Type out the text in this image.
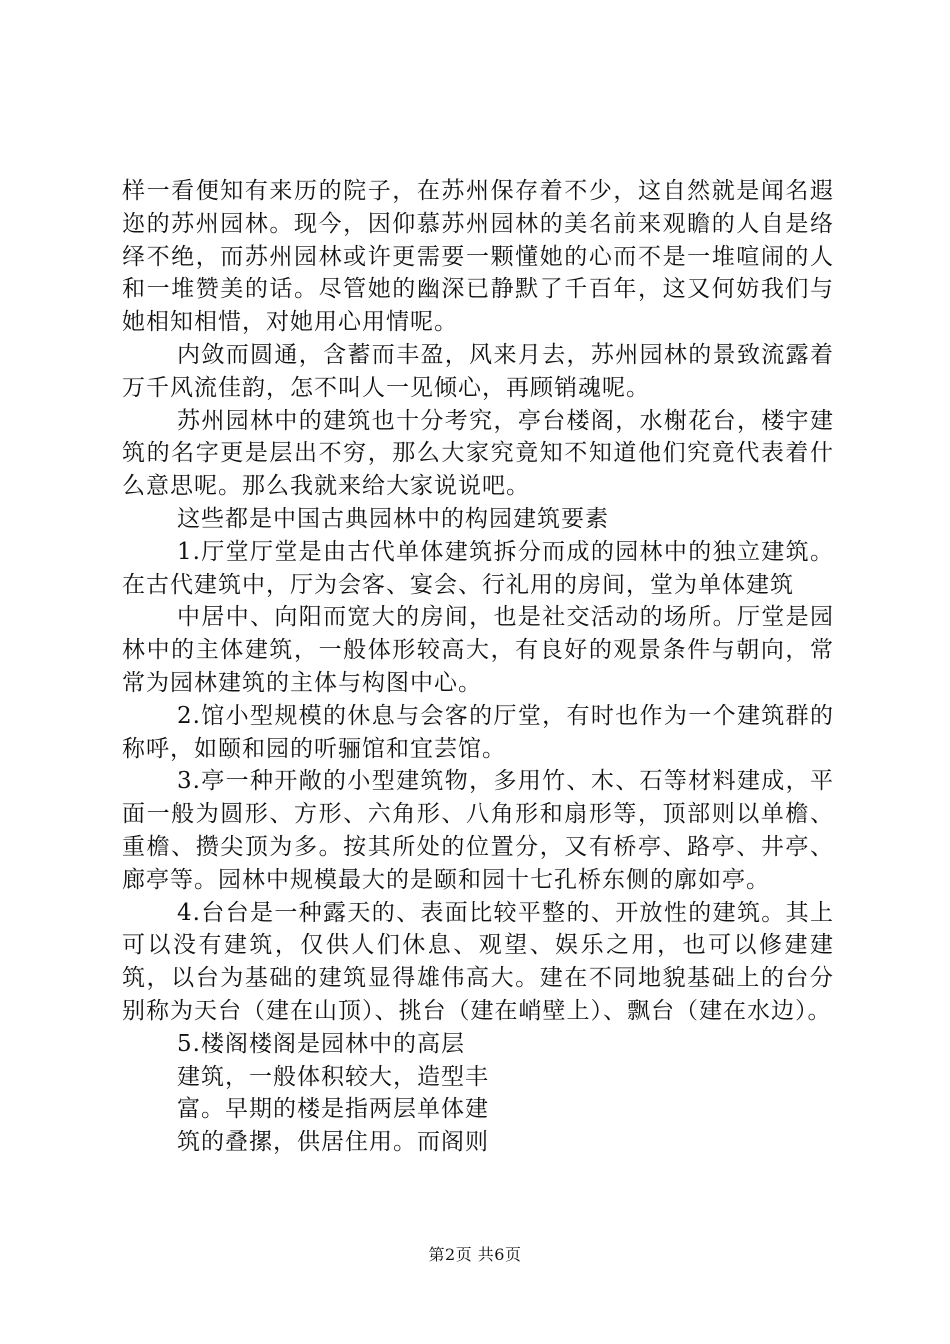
样一看便知有来历的院子，在苏州保存着不少，这自然就是闻名遐迩的苏州园林。现今，因仰慕苏州园林的美名前来观瞻的人自是络绎不绝，而苏州园林或许更需要一颗懂她的心而不是一堆喧闹的人和一堆赞美的话。尽管她的幽深已静默了千百年，这又何妨我们与她相知相惜，对她用心用情呢。

内敛而圆通，含蓄而丰盈，风来月去，苏州园林的景致流露着万千风流佳韵，怎不叫人一见倾心，再顾销魂呢。

苏州园林中的建筑也十分考究，亭台楼阁，水榭花台，楼宇建筑的名字更是层出不穷，那么大家究竟知不知道他们究竟代表着什么意思呢。那么我就来给大家说说吧。

这些都是中国古典园林中的构园建筑要素

1.厅堂厅堂是由古代单体建筑拆分而成的园林中的独立建筑。在古代建筑中，厅为会客、宴会、行礼用的房间，堂为单体建筑

中居中、向阳而宽大的房间，也是社交活动的场所。厅堂是园林中的主体建筑，一般体形较高大，有良好的观景条件与朝向，常常为园林建筑的主体与构图中心。

2.馆小型规模的休息与会客的厅堂，有时也作为一个建筑群的称呼，如颐和园的听骊馆和宜芸馆。

3.亭一种开敞的小型建筑物，多用竹、木、石等材料建成，平面一般为圆形、方形、六角形、八角形和扇形等，顶部则以单檐、重檐、攒尖顶为多。按其所处的位置分，又有桥亭、路亭、井亭、廊亭等。园林中规模最大的是颐和园十七孔桥东侧的廓如亭。

4.台台是一种露天的、表面比较平整的、开放性的建筑。其上可以没有建筑，仅供人们休息、观望、娱乐之用，也可以修建建筑，以台为基础的建筑显得雄伟高大。建在不同地貌基础上的台分别称为天台（建在山顶）、挑台（建在峭壁上）、飘台（建在水边）。

5.楼阁楼阁是园林中的高层

建筑，一般体积较大，造型丰

富。早期的楼是指两层单体建

筑的叠摞，供居住用。而阁则

第2页 共6页
